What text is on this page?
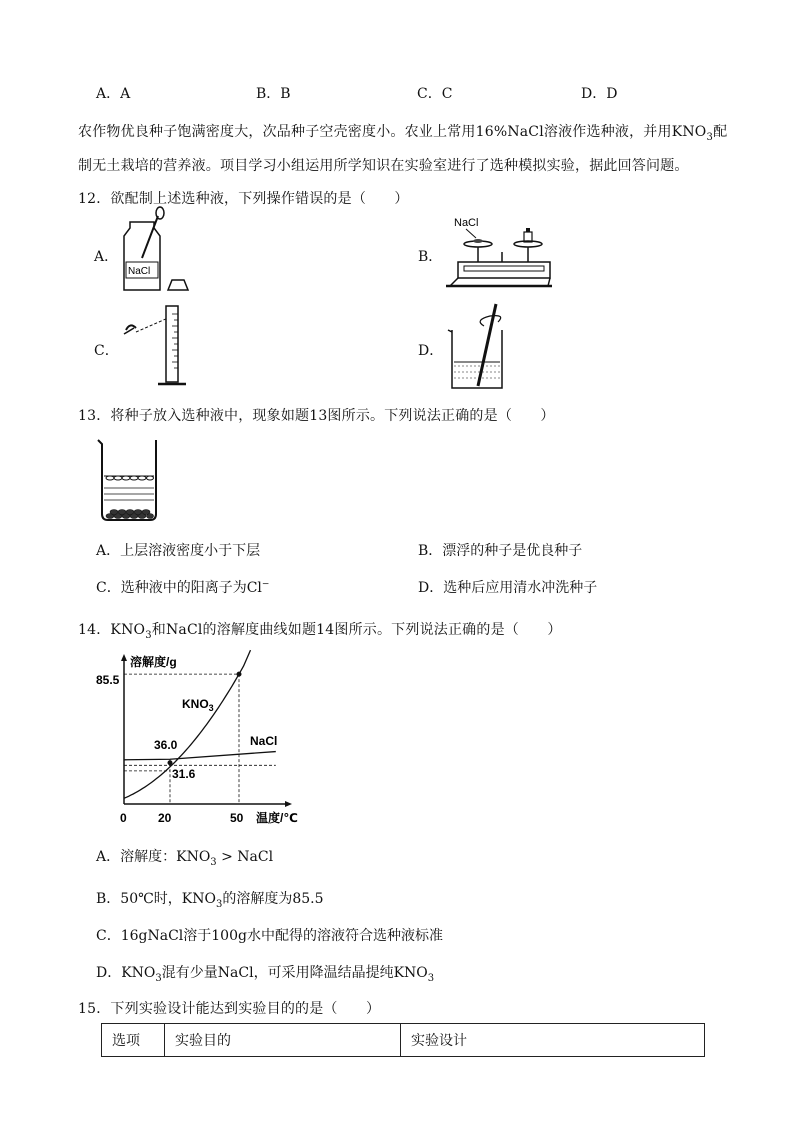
A．A	B．B	C．C	D．D
农作物优良种子饱满密度大，次品种子空壳密度小。农业上常用16%NaCl溶液作选种液，并用$KNO_3$配
制无土栽培的营养液。项目学习小组运用所学知识在实验室进行了选种模拟实验，据此回答问题。
12．欲配制上述选种液，下列操作错误的是（　　）
A．	B．
C．	D．
NaCl
NaCl
13．将种子放入选种液中，现象如题13图所示。下列说法正确的是（　　）
A．上层溶液密度小于下层	B．漂浮的种子是优良种子
C．选种液中的阳离子为Cl−	D．选种后应用清水冲洗种子
14．$KNO_3$和NaCl的溶解度曲线如题14图所示。下列说法正确的是（　　）
溶解度/g
温度/℃
0	20	50
85.5
36.0
31.6
$KNO_3$
NaCl
A．溶解度：$KNO_3$ > NaCl
B．50℃时，$KNO_3$的溶解度为85.5
C．16gNaCl溶于100g水中配得的溶液符合选种液标准
D．$KNO_3$混有少量NaCl，可采用降温结晶提纯$KNO_3$
15．下列实验设计能达到实验目的的是（　　）
选项	实验目的	实验设计
